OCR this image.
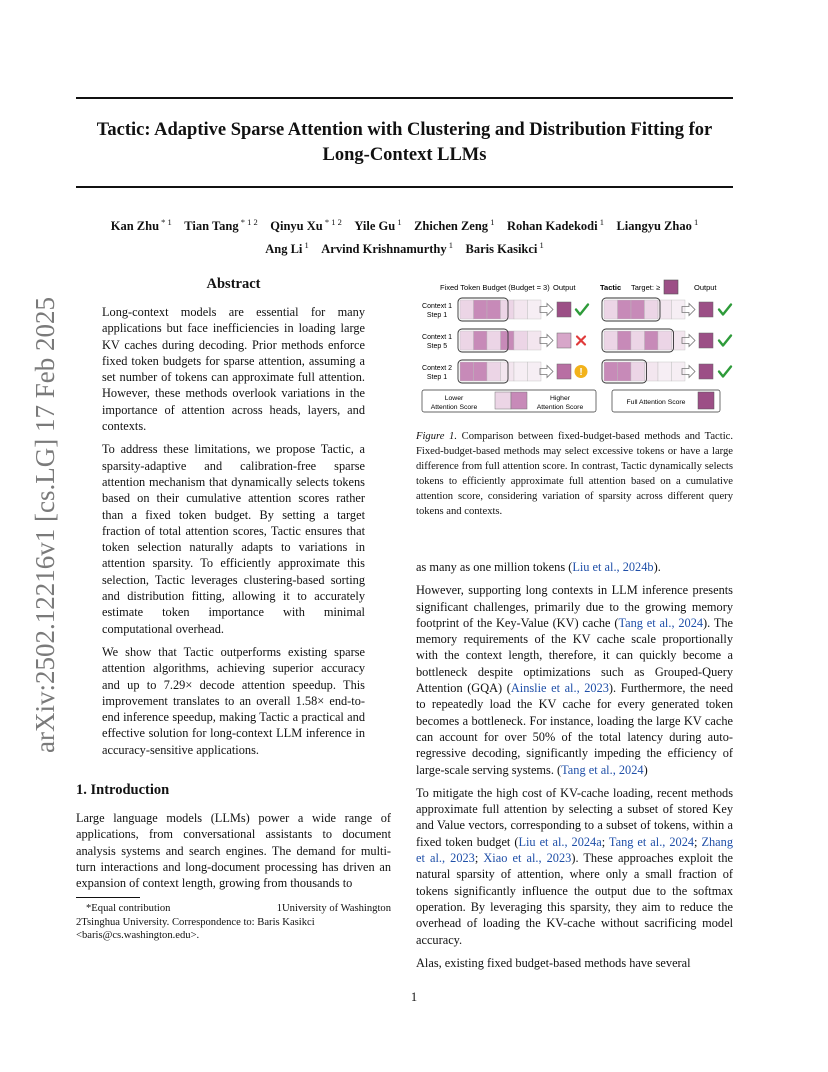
Tactic: Adaptive Sparse Attention with Clustering and Distribution Fitting for
Long-Context LLMs
Kan Zhu $^{* 1}$  Tian Tang $^{* 1 2}$  Qinyu Xu $^{* 1 2}$  Yile Gu $^1$  Zhichen Zeng $^1$  Rohan Kadekodi $^1$  Liangyu Zhao $^1$
Ang Li $^1$  Arvind Krishnamurthy $^1$  Baris Kasikci $^1$
arXiv:2502.12216v1 [cs.LG] 17 Feb 2025
Abstract

Long-context models are essential for many applications but face inefficiencies in loading large KV caches during decoding. Prior methods enforce fixed token budgets for sparse attention, assuming a set number of tokens can approximate full attention. However, these methods overlook variations in the importance of attention across heads, layers, and contexts.

To address these limitations, we propose Tactic, a sparsity-adaptive and calibration-free sparse attention mechanism that dynamically selects tokens based on their cumulative attention scores rather than a fixed token budget. By setting a target fraction of total attention scores, Tactic ensures that token selection naturally adapts to variations in attention sparsity. To efficiently approximate this selection, Tactic leverages clustering-based sorting and distribution fitting, allowing it to accurately estimate token importance with minimal computational overhead.

We show that Tactic outperforms existing sparse attention algorithms, achieving superior accuracy and up to 7.29× decode attention speedup. This improvement translates to an overall 1.58× end-to-end inference speedup, making Tactic a practical and effective solution for long-context LLM inference in accuracy-sensitive applications.

1. Introduction

Large language models (LLMs) power a wide range of applications, from conversational assistants to document analysis systems and search engines. The demand for multi-turn interactions and long-document processing has driven an expansion of context length, growing from thousands to

*Equal contribution	1University of Washington
2Tsinghua University. Correspondence to: Baris Kasikci
<baris@cs.washington.edu>.
Fixed Token Budget (Budget = 3) Output	Tactic Target: ≥	Output
Context 1
Step 1
Context 1
Step 5
Context 2
Step 1	!
Lower
Attention Score
Higher
Attention Score
Full Attention Score
Figure 1. Comparison between fixed-budget-based methods and Tactic. Fixed-budget-based methods may select excessive tokens or have a large difference from full attention score. In contrast, Tactic dynamically selects tokens to efficiently approximate full attention based on a cumulative attention score, considering variation of sparsity across different query tokens and contexts.

as many as one million tokens (Liu et al., 2024b).

However, supporting long contexts in LLM inference presents significant challenges, primarily due to the growing memory footprint of the Key-Value (KV) cache (Tang et al., 2024). The memory requirements of the KV cache scale proportionally with the context length, therefore, it can quickly become a bottleneck despite optimizations such as Grouped-Query Attention (GQA) (Ainslie et al., 2023). Furthermore, the need to repeatedly load the KV cache for every generated token becomes a bottleneck. For instance, loading the large KV cache can account for over 50% of the total latency during auto-regressive decoding, significantly impeding the efficiency of large-scale serving systems. (Tang et al., 2024)

To mitigate the high cost of KV-cache loading, recent methods approximate full attention by selecting a subset of stored Key and Value vectors, corresponding to a subset of tokens, within a fixed token budget (Liu et al., 2024a; Tang et al., 2024; Zhang et al., 2023; Xiao et al., 2023). These approaches exploit the natural sparsity of attention, where only a small fraction of tokens significantly influence the output due to the softmax operation. By leveraging this sparsity, they aim to reduce the overhead of loading the KV-cache without sacrificing model accuracy.

Alas, existing fixed budget-based methods have several

1
